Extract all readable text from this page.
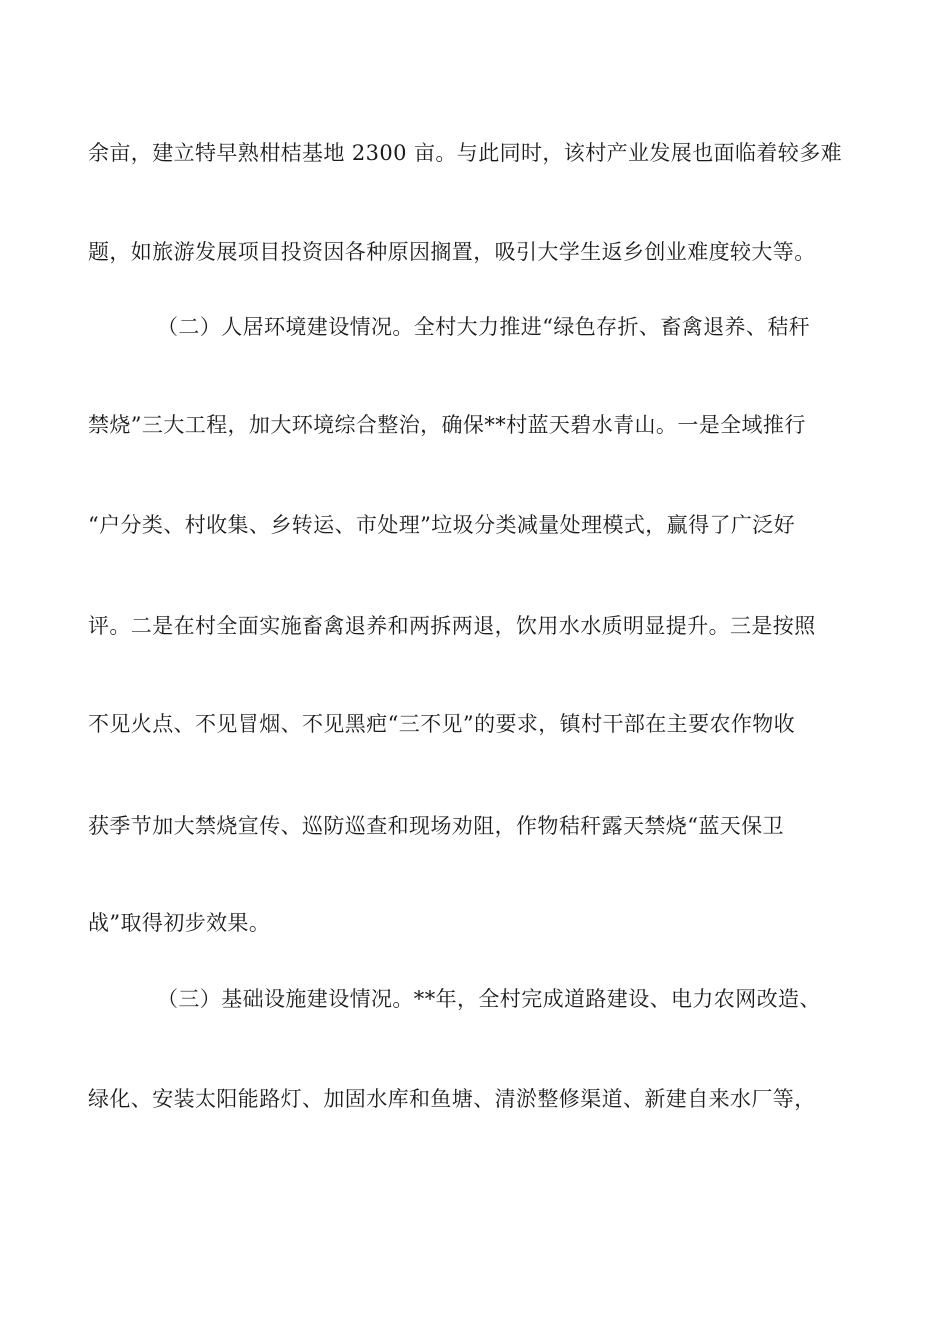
余亩，建立特早熟柑桔基地 2300 亩。与此同时，该村产业发展也面临着较多难
题，如旅游发展项目投资因各种原因搁置，吸引大学生返乡创业难度较大等。
（二）人居环境建设情况。全村大力推进“绿色存折、畜禽退养、秸秆
禁烧”三大工程，加大环境综合整治，确保**村蓝天碧水青山。一是全域推行
“户分类、村收集、乡转运、市处理”垃圾分类减量处理模式，赢得了广泛好
评。二是在村全面实施畜禽退养和两拆两退，饮用水水质明显提升。三是按照
不见火点、不见冒烟、不见黑疤“三不见”的要求，镇村干部在主要农作物收
获季节加大禁烧宣传、巡防巡查和现场劝阻，作物秸秆露天禁烧“蓝天保卫
战”取得初步效果。
（三）基础设施建设情况。**年，全村完成道路建设、电力农网改造、
绿化、安装太阳能路灯、加固水库和鱼塘、清淤整修渠道、新建自来水厂等，
